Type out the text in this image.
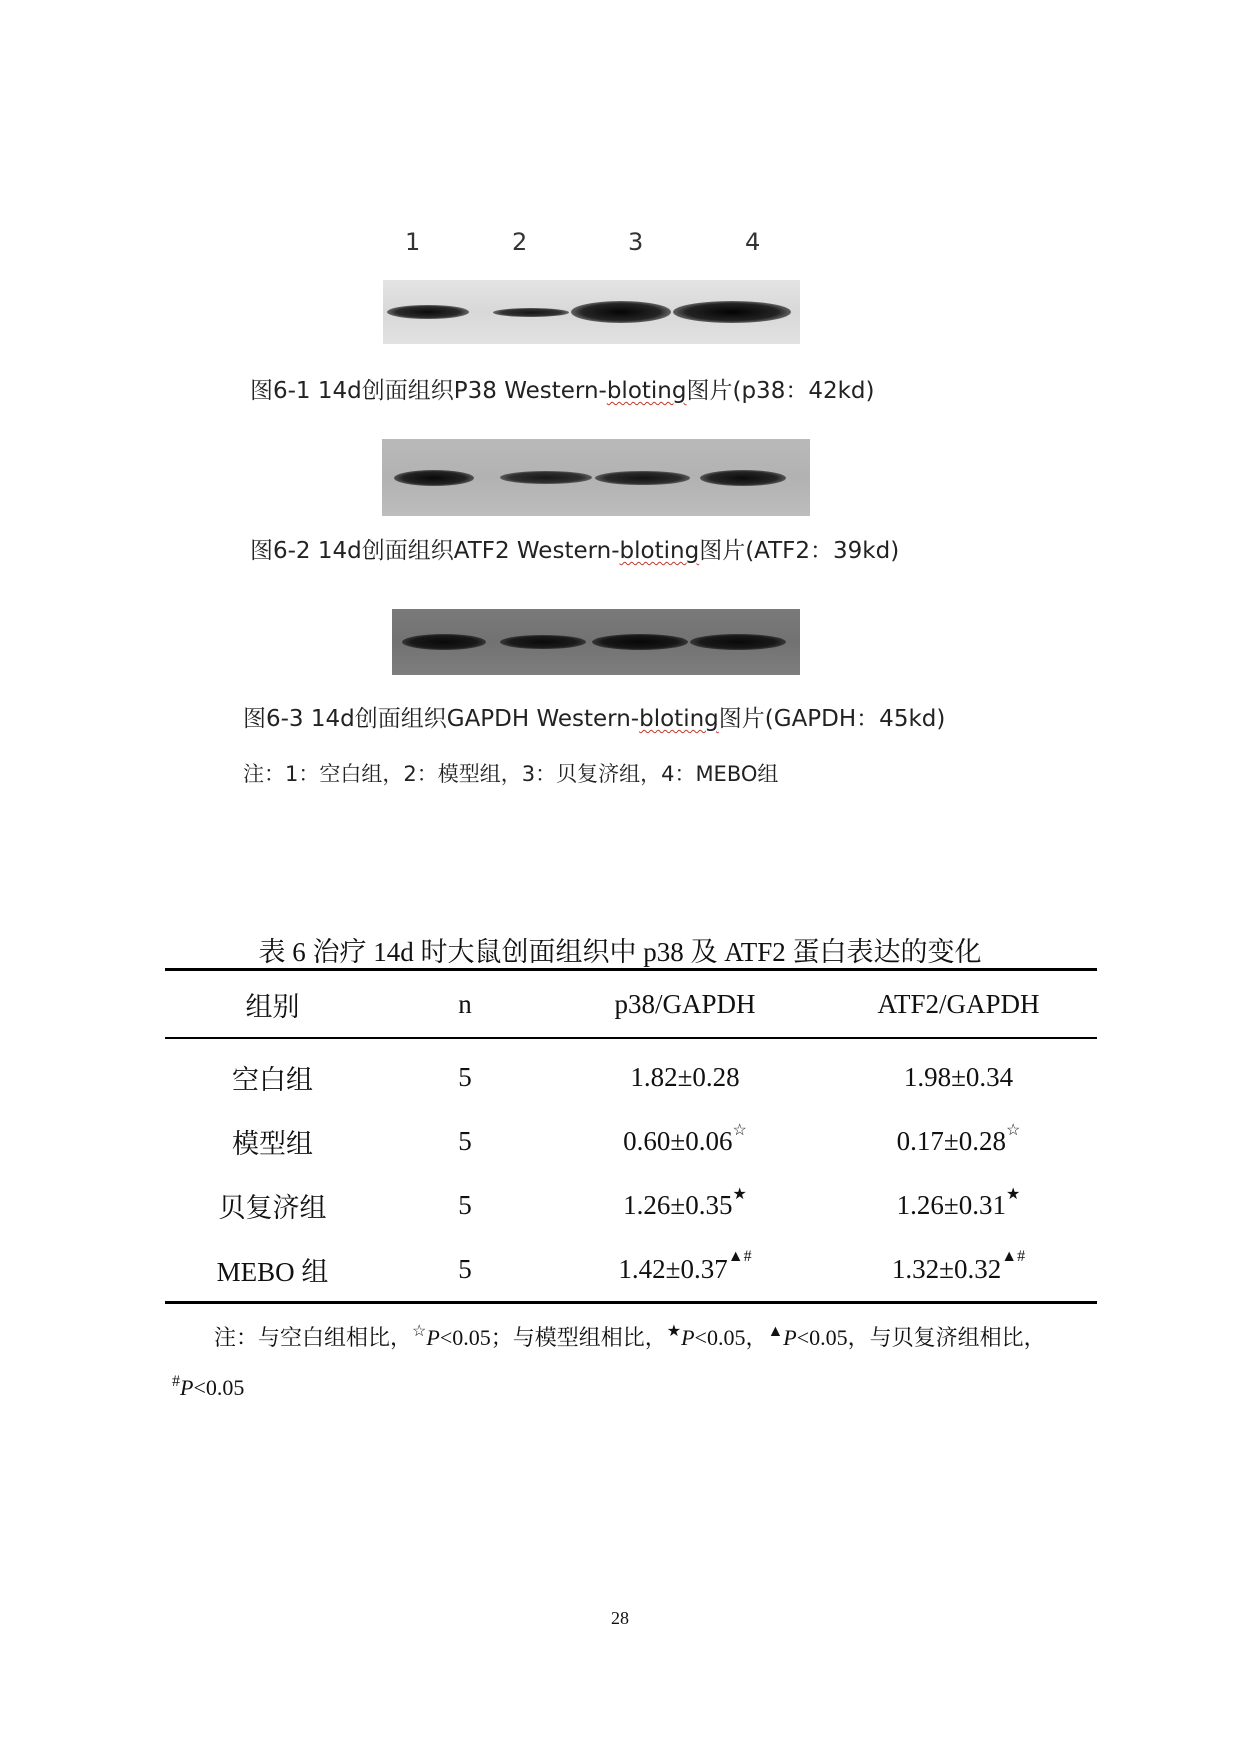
1	2	3	4
图6-1 14d创面组织P38 Western-bloting图片(p38：42kd)
图6-2 14d创面组织ATF2 Western-bloting图片(ATF2：39kd)
图6-3 14d创面组织GAPDH Western-bloting图片(GAPDH：45kd)
注：1：空白组，2：模型组，3：贝复济组，4：MEBO组
表 6 治疗 14d 时大鼠创面组织中 p38 及 ATF2 蛋白表达的变化
组别	n	p38/GAPDH	ATF2/GAPDH
空白组	5	1.82±0.28	1.98±0.34
模型组	5	0.60±0.06☆	0.17±0.28☆
贝复济组	5	1.26±0.35★	1.26±0.31★
MEBO 组	5	1.42±0.37▲#	1.32±0.32▲#
注：与空白组相比，☆P<0.05；与模型组相比，★P<0.05，▲P<0.05，与贝复济组相比，#P<0.05
28
